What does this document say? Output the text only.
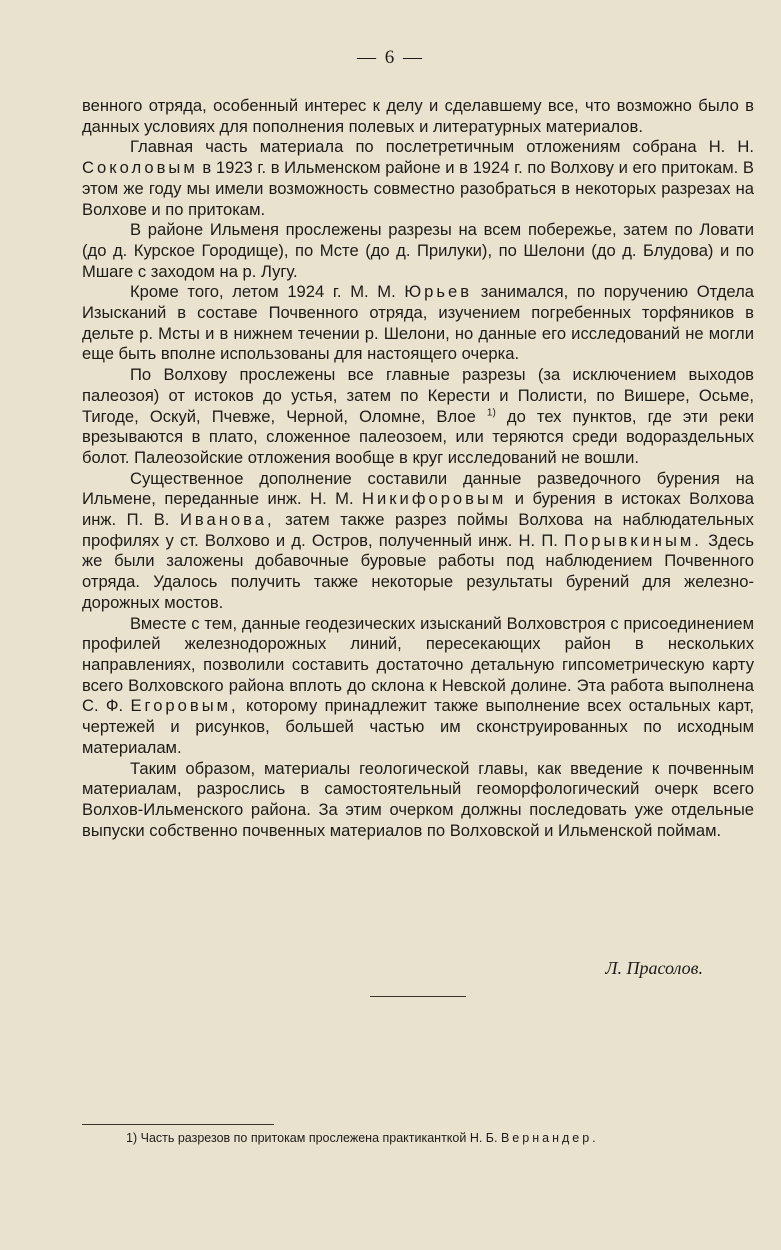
— 6 —

венного отряда, особенный интерес к делу и сделавшему все, что возможно было в данных условиях для пополнения полевых и литературных материалов.

Главная часть материала по послетретичным отложениям собрана Н. Н. Соколовым в 1923 г. в Ильменском районе и в 1924 г. по Волхову и его притокам. В этом же году мы имели возможность совместно разобраться в некоторых разрезах на Волхове и по притокам.

В районе Ильменя прослежены разрезы на всем побережье, затем по Ловати (до д. Курское Городище), по Мсте (до д. Прилуки), по Шелони (до д. Блудова) и по Мшаге с заходом на р. Лугу.

Кроме того, летом 1924 г. М. М. Юрьев занимался, по поручению Отдела Изысканий в составе Почвенного отряда, изучением погребенных торфяников в дельте р. Мсты и в нижнем течении р. Шелони, но данные его исследований не могли еще быть вполне использованы для настоящего очерка.

По Волхову прослежены все главные разрезы (за исключением выходов палеозоя) от истоков до устья, затем по Керести и Полисти, по Вишере, Осьме, Тигоде, Оскуй, Пчевже, Черной, Оломне, Влое $^{1)}$ до тех пунктов, где эти реки врезываются в плато, сложенное палеозоем, или теряются среди водораздельных болот. Палеозойские отложения вообще в круг исследований не вошли.

Существенное дополнение составили данные разведочного бурения на Ильмене, переданные инж. Н. М. Никифоровым и бурения в истоках Волхова инж. П. В. Иванова, затем также разрез поймы Волхова на наблюдательных профилях у ст. Волхово и д. Остров, полученный инж. Н. П. Порывкиным. Здесь же были заложены добавочные буровые работы под наблюдением Почвенного отряда. Удалось получить также некоторые результаты бурений для железнодорожных мостов.

Вместе с тем, данные геодезических изысканий Волховстроя с присоединением профилей железнодорожных линий, пересекающих район в нескольких направлениях, позволили составить достаточно детальную гипсометрическую карту всего Волховского района вплоть до склона к Невской долине. Эта работа выполнена С. Ф. Егоровым, которому принадлежит также выполнение всех остальных карт, чертежей и рисунков, большей частью им сконструированных по исходным материалам.

Таким образом, материалы геологической главы, как введение к почвенным материалам, разрослись в самостоятельный геоморфологический очерк всего Волхов-Ильменского района. За этим очерком должны последовать уже отдельные выпуски собственно почвенных материалов по Волховской и Ильменской поймам.

Л. Прасолов.
1) Часть разрезов по притокам прослежена практиканткой Н. Б. Вернандер.
